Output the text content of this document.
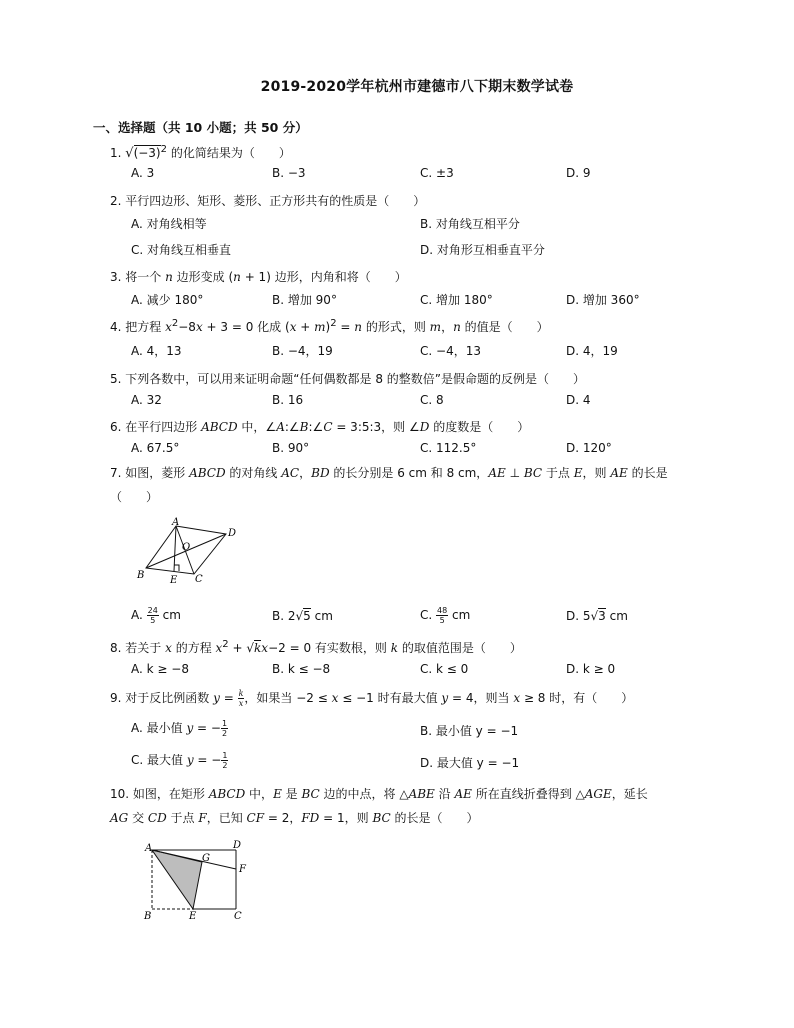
2019-2020学年杭州市建德市八下期末数学试卷
一、选择题（共 10 小题；共 50 分）
1. $√(-3)^2$ 的化简结果为（　　）
A. 3	B. −3	C. ±3	D. 9
2. 平行四边形、矩形、菱形、正方形共有的性质是（　　）
A. 对角线相等	B. 对角线互相平分
C. 对角线互相垂直	D. 对角形互相垂直平分
3. 将一个 n 边形变成 (n + 1) 边形，内角和将（　　）
A. 减少 180°	B. 增加 90°	C. 增加 180°	D. 增加 360°
4. 把方程 $x^2-8x + 3 = 0$ 化成 $(x + m)^2 = n$ 的形式，则 m，n 的值是（　　）
A. 4，13	B. −4，19	C. −4，13	D. 4，19
5. 下列各数中，可以用来证明命题“任何偶数都是 8 的整数倍”是假命题的反例是（　　）
A. 32	B. 16	C. 8	D. 4
6. 在平行四边形 ABCD 中，∠A:∠B:∠C = 3:5:3，则 ∠D 的度数是（　　）
A. 67.5°	B. 90°	C. 112.5°	D. 120°
7. 如图，菱形 ABCD 的对角线 AC，BD 的长分别是 6 cm 和 8 cm，AE ⊥ BC 于点 E，则 AE 的长是
（　　）
A
D
O
B	E C
A. $\frac{24}{5}$ cm	B. 2√5 cm	C. $\frac{48}{5}$ cm	D. 5√3 cm
8. 若关于 x 的方程 $x^2 + √kx-2 = 0$ 有实数根，则 k 的取值范围是（　　）
A. k ≥ −8	B. k ≤ −8	C. k ≤ 0	D. k ≥ 0
9. 对于反比例函数 $y = \frac{k}{x}$ ，如果当 −2 ≤ x ≤ −1 时有最大值 y = 4，则当 x ≥ 8 时，有（　　）
A. 最小值 y = − $\frac{1}{2}$	B. 最小值 y = −1
C. 最大值 y = − $\frac{1}{2}$	D. 最大值 y = −1
10. 如图，在矩形 ABCD 中，E 是 BC 边的中点，将 △ABE 沿 AE 所在直线折叠得到 △AGE，延长
AG 交 CD 于点 F，已知 CF = 2，FD = 1，则 BC 的长是（　　）
A	D
G
F
B	E	C
